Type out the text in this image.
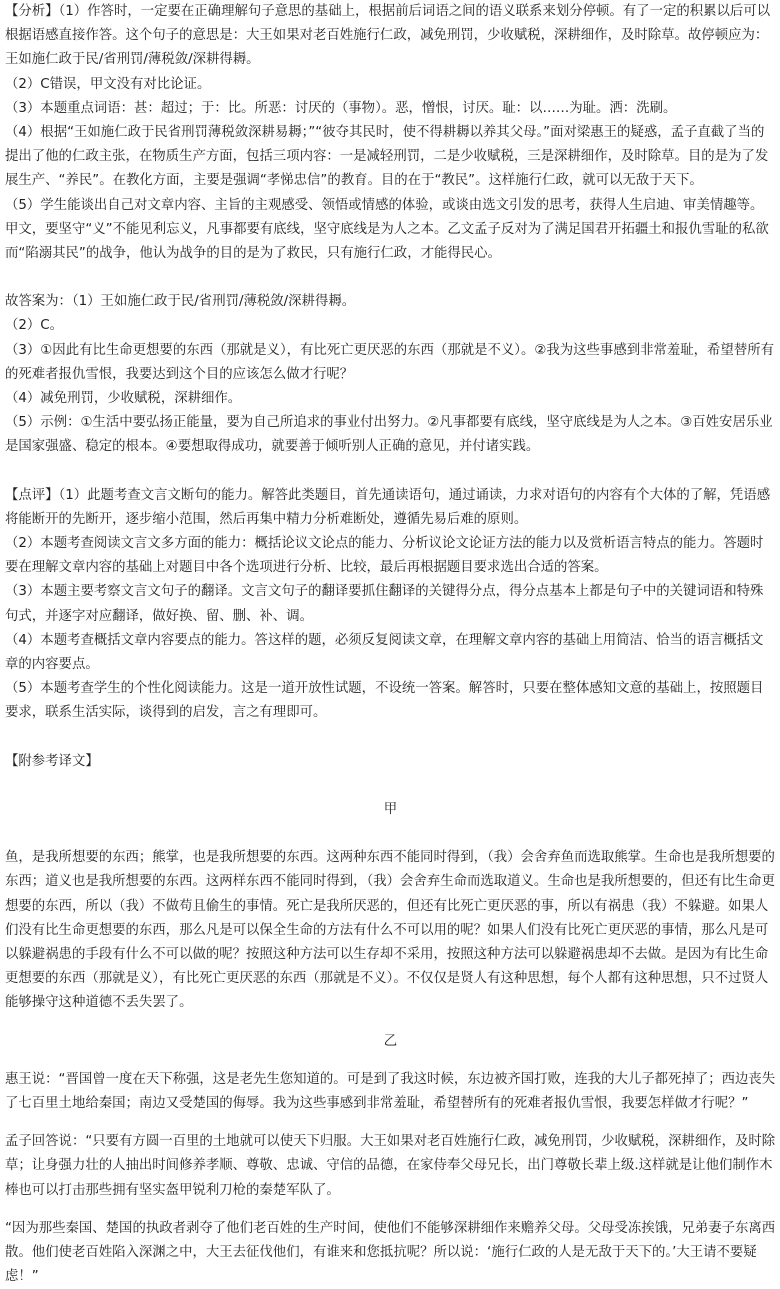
【分析】（1）作答时，一定要在正确理解句子意思的基础上，根据前后词语之间的语义联系来划分停顿。有了一定的积累以后可以根据语感直接作答。这个句子的意思是：大王如果对老百姓施行仁政，减免刑罚，少收赋税，深耕细作，及时除草。故停顿应为：王如施仁政于民/省刑罚/薄税敛/深耕得耨。

（2）C错误，甲文没有对比论证。

（3）本题重点词语：甚：超过；于：比。所恶：讨厌的（事物）。恶，憎恨，讨厌。耻：以……为耻。洒：洗刷。

（4）根据“王如施仁政于民省刑罚薄税敛深耕易耨；”“彼夺其民时，使不得耕耨以养其父母。”面对梁惠王的疑惑，孟子直截了当的提出了他的仁政主张，在物质生产方面，包括三项内容：一是减轻刑罚，二是少收赋税，三是深耕细作，及时除草。目的是为了发展生产、“养民”。在教化方面，主要是强调“孝悌忠信”的教育。目的在于“教民”。这样施行仁政，就可以无敌于天下。

（5）学生能谈出自己对文章内容、主旨的主观感受、领悟或情感的体验，或谈由选文引发的思考，获得人生启迪、审美情趣等。甲文，要坚守“义”不能见利忘义，凡事都要有底线，坚守底线是为人之本。乙文孟子反对为了满足国君开拓疆土和报仇雪耻的私欲而“陷溺其民”的战争，他认为战争的目的是为了救民，只有施行仁政，才能得民心。

故答案为：（1）王如施仁政于民/省刑罚/薄税敛/深耕得耨。

（2）C。

（3）①因此有比生命更想要的东西（那就是义），有比死亡更厌恶的东西（那就是不义）。②我为这些事感到非常羞耻，希望替所有的死难者报仇雪恨，我要达到这个目的应该怎么做才行呢？

（4）减免刑罚，少收赋税，深耕细作。

（5）示例：①生活中要弘扬正能量，要为自己所追求的事业付出努力。②凡事都要有底线，坚守底线是为人之本。③百姓安居乐业是国家强盛、稳定的根本。④要想取得成功，就要善于倾听别人正确的意见，并付诸实践。

【点评】（1）此题考查文言文断句的能力。解答此类题目，首先通读语句，通过诵读，力求对语句的内容有个大体的了解，凭语感将能断开的先断开，逐步缩小范围，然后再集中精力分析难断处，遵循先易后难的原则。

（2）本题考查阅读文言文多方面的能力：概括论议文论点的能力、分析议论文论证方法的能力以及赏析语言特点的能力。答题时要在理解文章内容的基础上对题目中各个选项进行分析、比较，最后再根据题目要求选出合适的答案。

（3）本题主要考察文言文句子的翻译。文言文句子的翻译要抓住翻译的关键得分点，得分点基本上都是句子中的关键词语和特殊句式，并逐字对应翻译，做好换、留、删、补、调。

（4）本题考查概括文章内容要点的能力。答这样的题，必须反复阅读文章，在理解文章内容的基础上用简洁、恰当的语言概括文章的内容要点。

（5）本题考查学生的个性化阅读能力。这是一道开放性试题，不设统一答案。解答时，只要在整体感知文意的基础上，按照题目要求，联系生活实际，谈得到的启发，言之有理即可。

【附参考译文】

甲

鱼，是我所想要的东西；熊掌，也是我所想要的东西。这两种东西不能同时得到，（我）会舍弃鱼而选取熊掌。生命也是我所想要的东西；道义也是我所想要的东西。这两样东西不能同时得到，（我）会舍弃生命而选取道义。生命也是我所想要的，但还有比生命更想要的东西，所以（我）不做苟且偷生的事情。死亡是我所厌恶的，但还有比死亡更厌恶的事，所以有祸患（我）不躲避。如果人们没有比生命更想要的东西，那么凡是可以保全生命的方法有什么不可以用的呢？如果人们没有比死亡更厌恶的事情，那么凡是可以躲避祸患的手段有什么不可以做的呢？按照这种方法可以生存却不采用，按照这种方法可以躲避祸患却不去做。是因为有比生命更想要的东西（那就是义），有比死亡更厌恶的东西（那就是不义）。不仅仅是贤人有这种思想，每个人都有这种思想，只不过贤人能够操守这种道德不丢失罢了。

乙

惠王说：“晋国曾一度在天下称强，这是老先生您知道的。可是到了我这时候，东边被齐国打败，连我的大儿子都死掉了；西边丧失了七百里土地给秦国；南边又受楚国的侮辱。我为这些事感到非常羞耻，希望替所有的死难者报仇雪恨，我要怎样做才行呢？”

孟子回答说：“只要有方圆一百里的土地就可以使天下归服。大王如果对老百姓施行仁政，减免刑罚，少收赋税，深耕细作，及时除草；让身强力壮的人抽出时间修养孝顺、尊敬、忠诚、守信的品德，在家侍奉父母兄长，出门尊敬长辈上级.这样就是让他们制作木棒也可以打击那些拥有坚实盔甲锐利刀枪的秦楚军队了。

“因为那些秦国、楚国的执政者剥夺了他们老百姓的生产时间，使他们不能够深耕细作来赡养父母。父母受冻挨饿，兄弟妻子东离西散。他们使老百姓陷入深渊之中，大王去征伐他们，有谁来和您抵抗呢？所以说：‘施行仁政的人是无敌于天下的。’大王请不要疑虑！”
